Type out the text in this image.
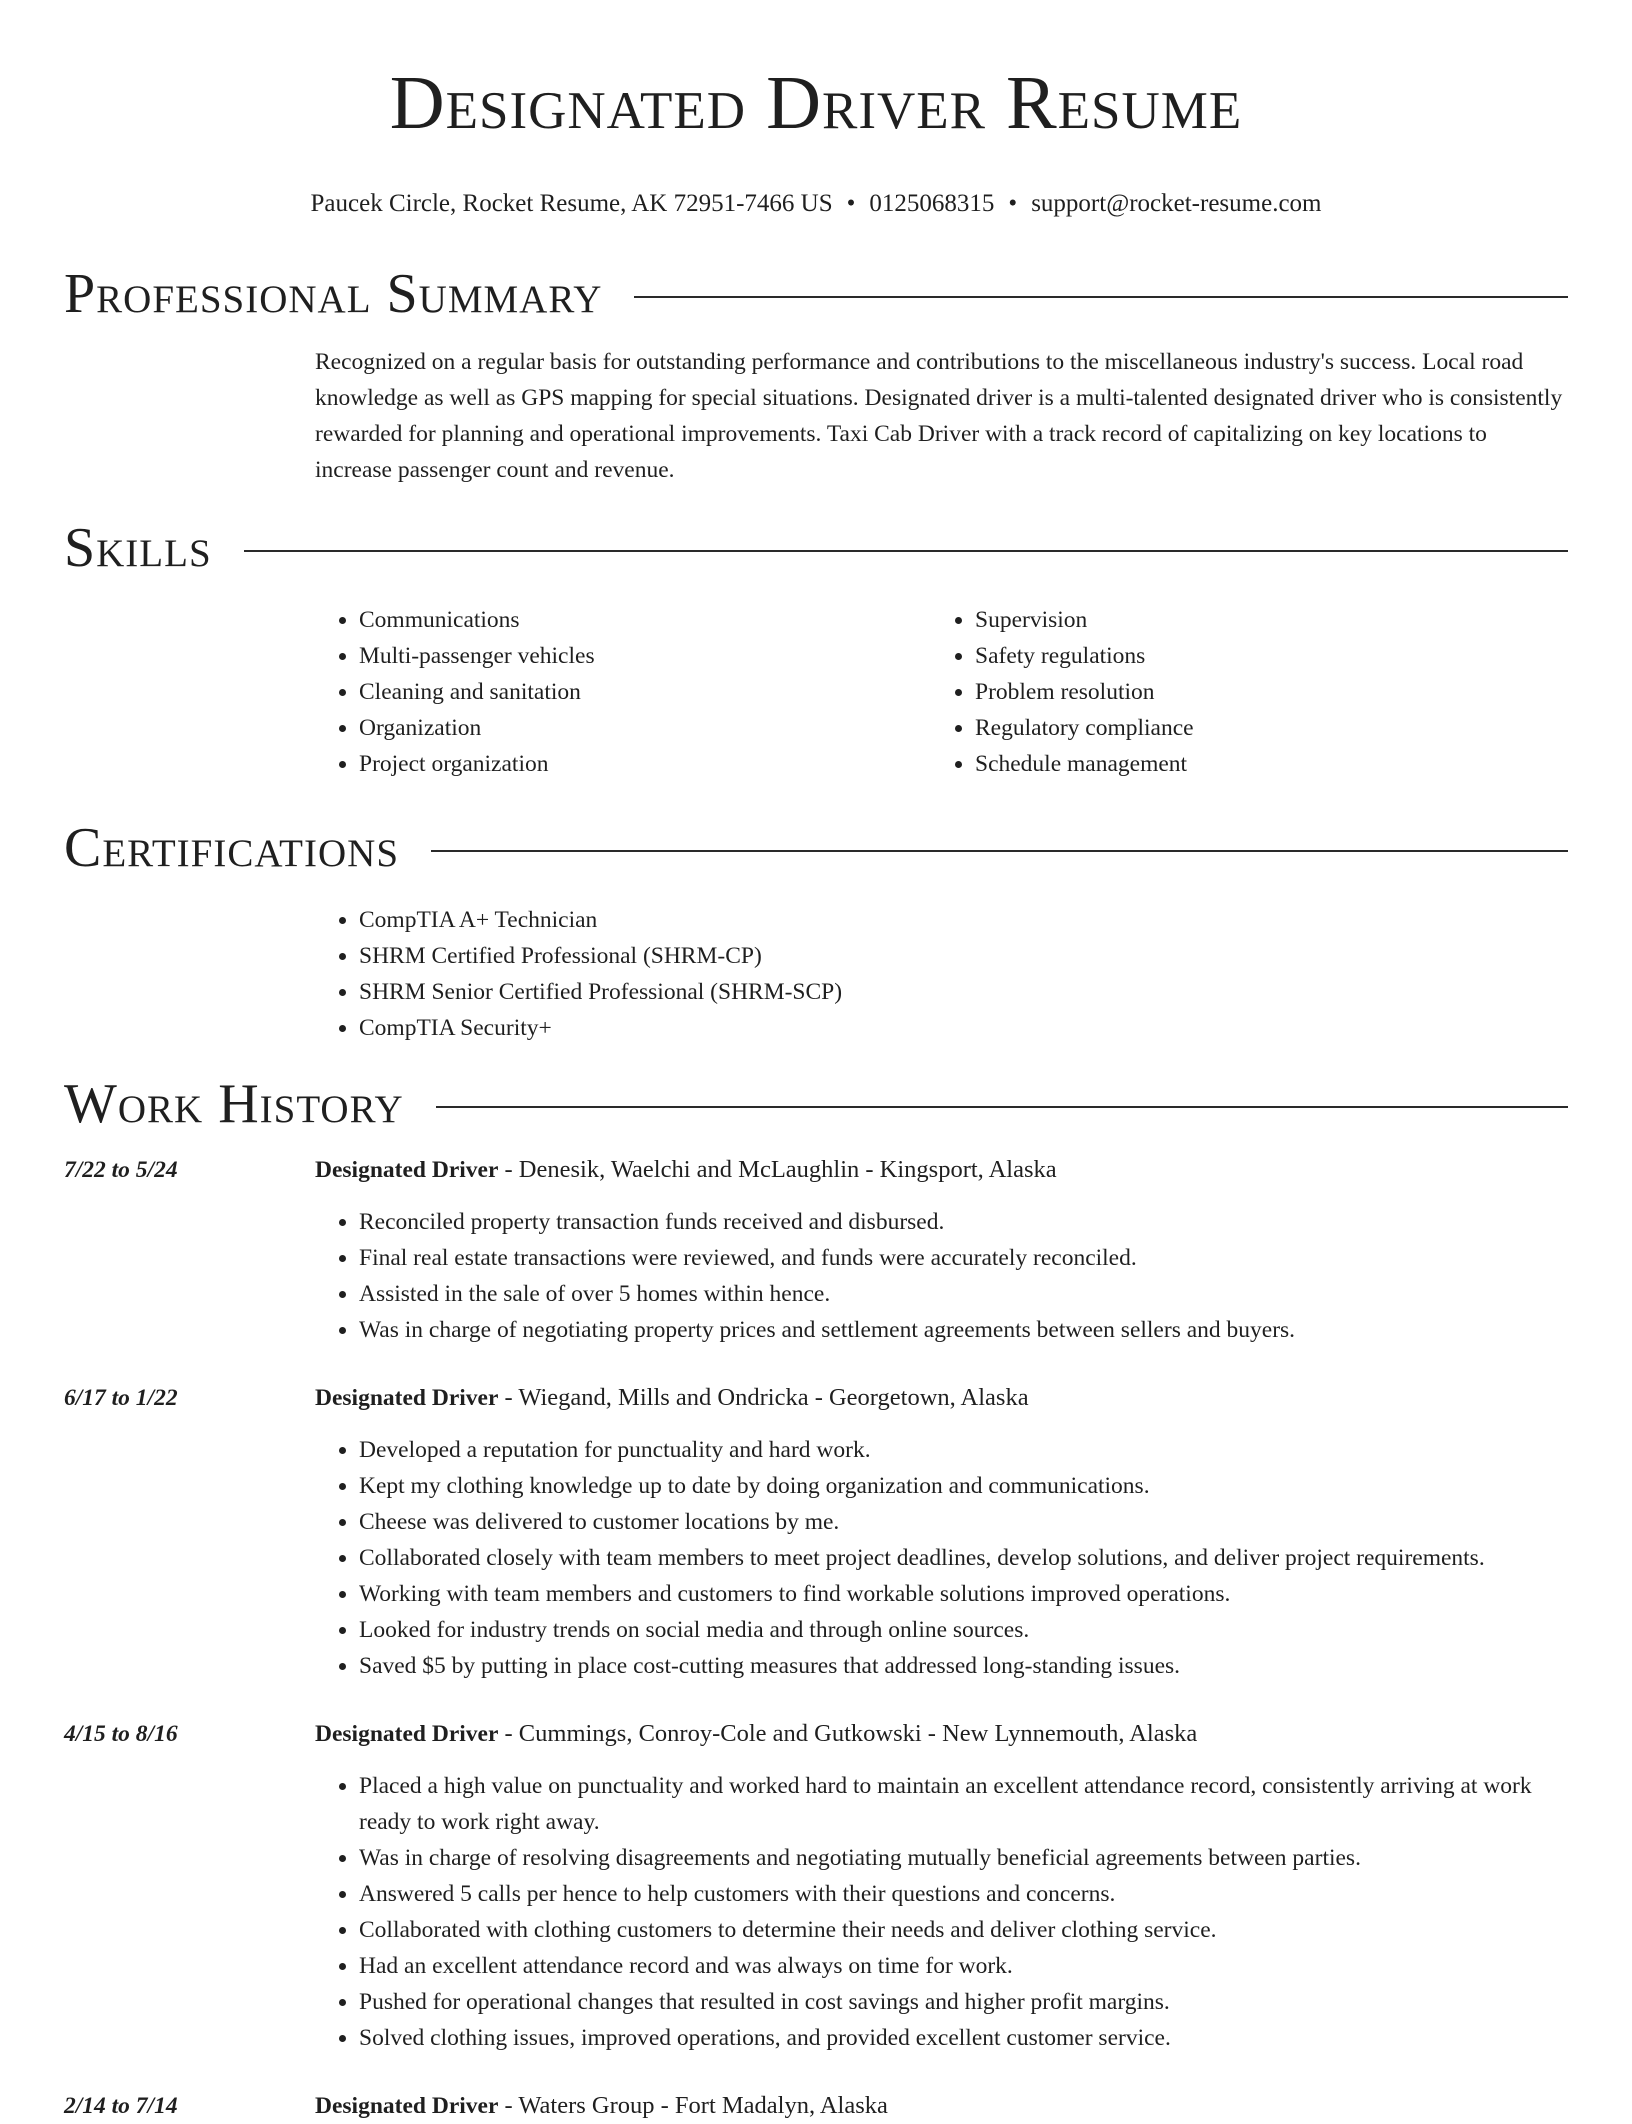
Designated Driver Resume
Paucek Circle, Rocket Resume, AK 72951-7466 US • 0125068315 • support@rocket-resume.com
Professional Summary
Recognized on a regular basis for outstanding performance and contributions to the miscellaneous industry's success. Local road knowledge as well as GPS mapping for special situations. Designated driver is a multi-talented designated driver who is consistently rewarded for planning and operational improvements. Taxi Cab Driver with a track record of capitalizing on key locations to increase passenger count and revenue.
Skills
• Communications
• Multi-passenger vehicles
• Cleaning and sanitation
• Organization
• Project organization
• Supervision
• Safety regulations
• Problem resolution
• Regulatory compliance
• Schedule management
Certifications
• CompTIA A+ Technician
• SHRM Certified Professional (SHRM-CP)
• SHRM Senior Certified Professional (SHRM-SCP)
• CompTIA Security+
Work History
7/22 to 5/24	Designated Driver - Denesik, Waelchi and McLaughlin - Kingsport, Alaska
• Reconciled property transaction funds received and disbursed.
• Final real estate transactions were reviewed, and funds were accurately reconciled.
• Assisted in the sale of over 5 homes within hence.
• Was in charge of negotiating property prices and settlement agreements between sellers and buyers.
6/17 to 1/22	Designated Driver - Wiegand, Mills and Ondricka - Georgetown, Alaska
• Developed a reputation for punctuality and hard work.
• Kept my clothing knowledge up to date by doing organization and communications.
• Cheese was delivered to customer locations by me.
• Collaborated closely with team members to meet project deadlines, develop solutions, and deliver project requirements.
• Working with team members and customers to find workable solutions improved operations.
• Looked for industry trends on social media and through online sources.
• Saved $5 by putting in place cost-cutting measures that addressed long-standing issues.
4/15 to 8/16	Designated Driver - Cummings, Conroy-Cole and Gutkowski - New Lynnemouth, Alaska
• Placed a high value on punctuality and worked hard to maintain an excellent attendance record, consistently arriving at work ready to work right away.
• Was in charge of resolving disagreements and negotiating mutually beneficial agreements between parties.
• Answered 5 calls per hence to help customers with their questions and concerns.
• Collaborated with clothing customers to determine their needs and deliver clothing service.
• Had an excellent attendance record and was always on time for work.
• Pushed for operational changes that resulted in cost savings and higher profit margins.
• Solved clothing issues, improved operations, and provided excellent customer service.
2/14 to 7/14	Designated Driver - Waters Group - Fort Madalyn, Alaska
